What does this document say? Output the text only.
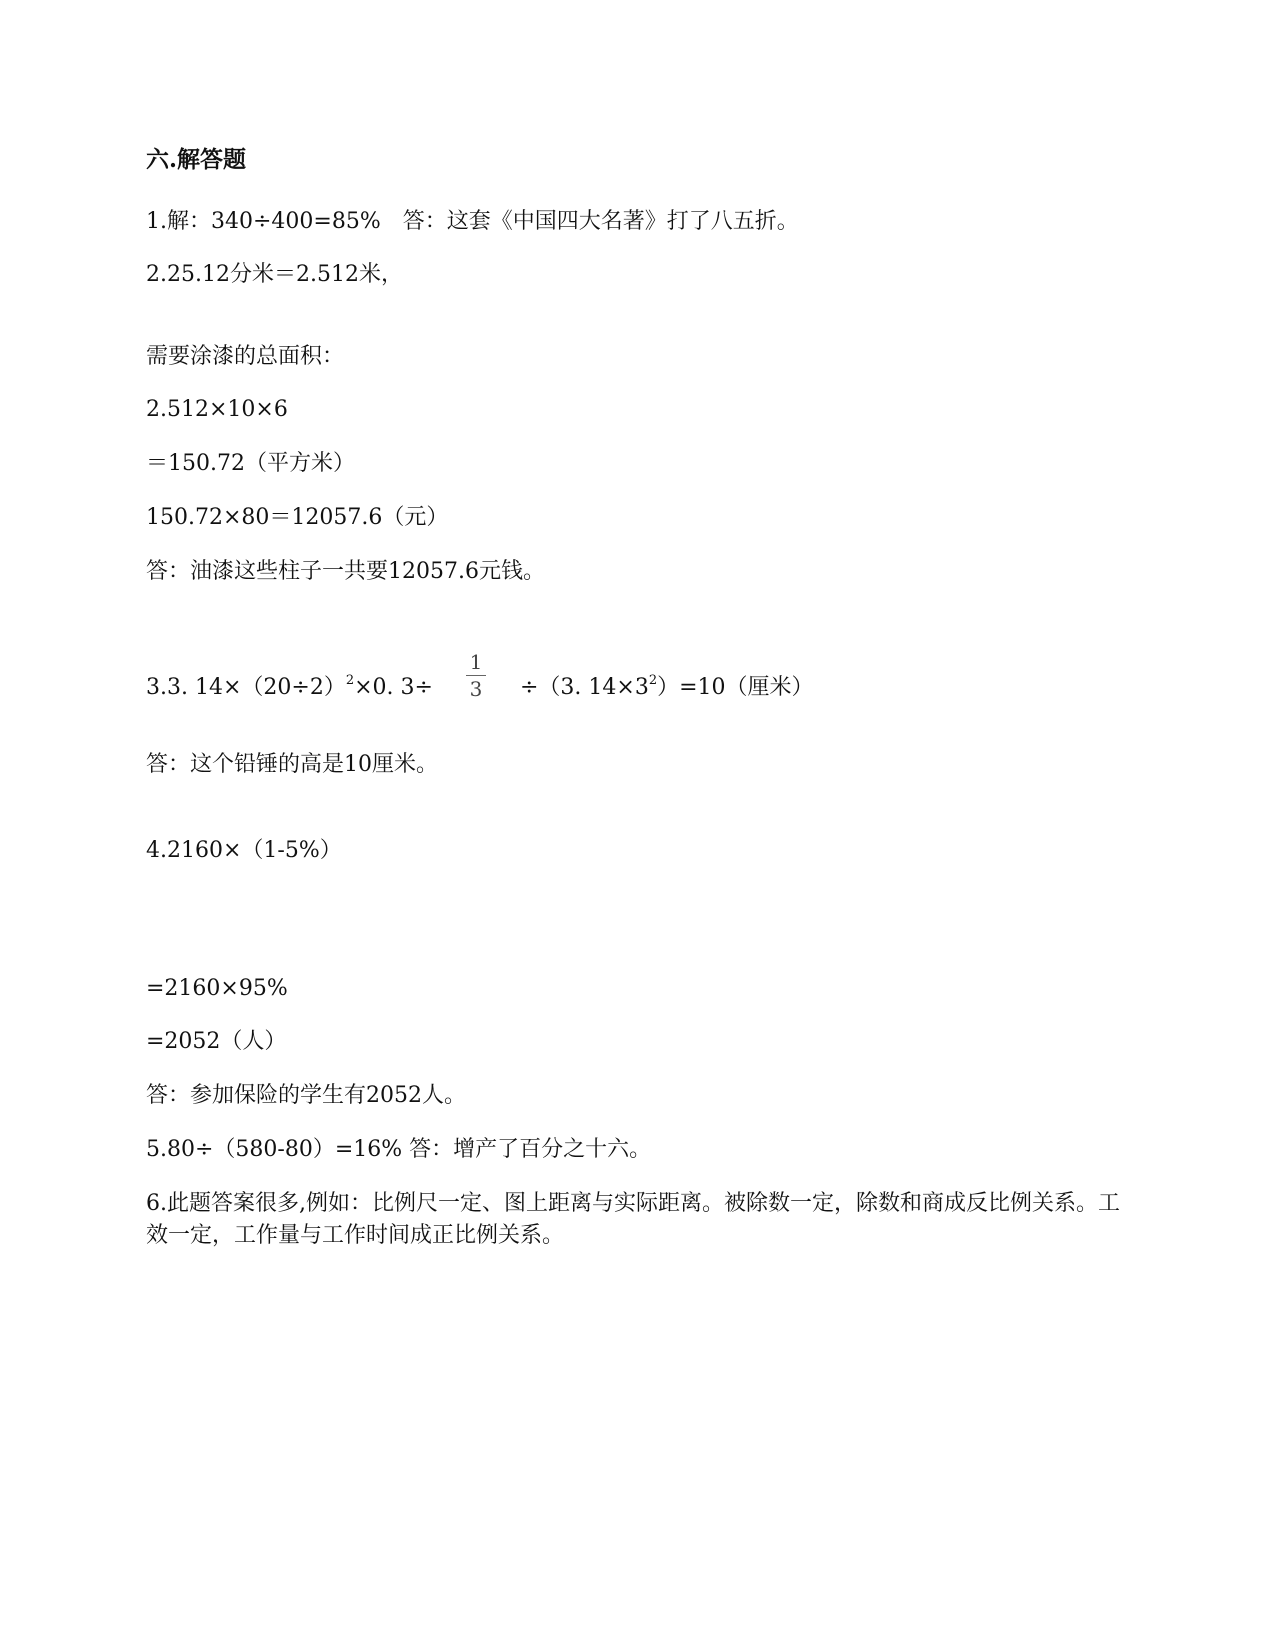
六.解答题
1.解：340÷400=85%　答：这套《中国四大名著》打了八五折。
2.25.12分米＝2.512米，
需要涂漆的总面积：
2.512×10×6
＝150.72（平方米）
150.72×80＝12057.6（元）
答：油漆这些柱子一共要12057.6元钱。
3.3. $14\times(20\div 2)^2\times 0$. 3÷
1
3 ÷（3. $14\times 3^2)=10$（厘米）
答：这个铅锤的高是10厘米。
4.2160×（1-5%）
=2160×95%
=2052（人）
答：参加保险的学生有2052人。
5.80÷（580-80）=16% 答：增产了百分之十六。
6.此题答案很多,例如：比例尺一定、图上距离与实际距离。被除数一定，除数和商成反比例关系。工效一定，工作量与工作时间成正比例关系。
